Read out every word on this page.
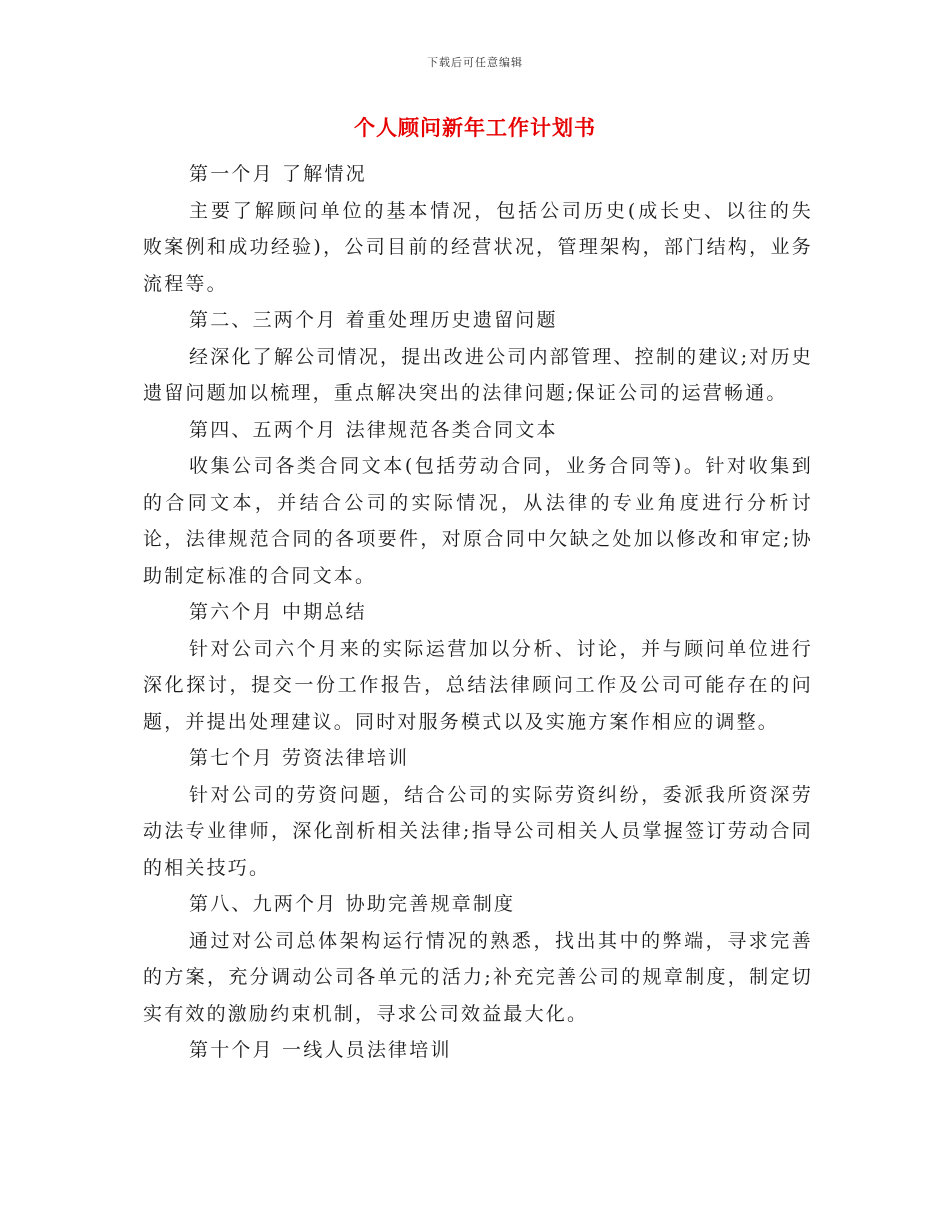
下载后可任意编辑
个人顾问新年工作计划书

第一个月 了解情况

主要了解顾问单位的基本情况，包括公司历史(成长史、以往的失败案例和成功经验)，公司目前的经营状况，管理架构，部门结构，业务流程等。

第二、三两个月 着重处理历史遗留问题

经深化了解公司情况，提出改进公司内部管理、控制的建议;对历史遗留问题加以梳理，重点解决突出的法律问题;保证公司的运营畅通。

第四、五两个月 法律规范各类合同文本

收集公司各类合同文本(包括劳动合同，业务合同等)。针对收集到的合同文本，并结合公司的实际情况，从法律的专业角度进行分析讨论，法律规范合同的各项要件，对原合同中欠缺之处加以修改和审定;协助制定标准的合同文本。

第六个月 中期总结

针对公司六个月来的实际运营加以分析、讨论，并与顾问单位进行深化探讨，提交一份工作报告，总结法律顾问工作及公司可能存在的问题，并提出处理建议。同时对服务模式以及实施方案作相应的调整。

第七个月 劳资法律培训

针对公司的劳资问题，结合公司的实际劳资纠纷，委派我所资深劳动法专业律师，深化剖析相关法律;指导公司相关人员掌握签订劳动合同的相关技巧。

第八、九两个月 协助完善规章制度

通过对公司总体架构运行情况的熟悉，找出其中的弊端，寻求完善的方案，充分调动公司各单元的活力;补充完善公司的规章制度，制定切实有效的激励约束机制，寻求公司效益最大化。

第十个月 一线人员法律培训
